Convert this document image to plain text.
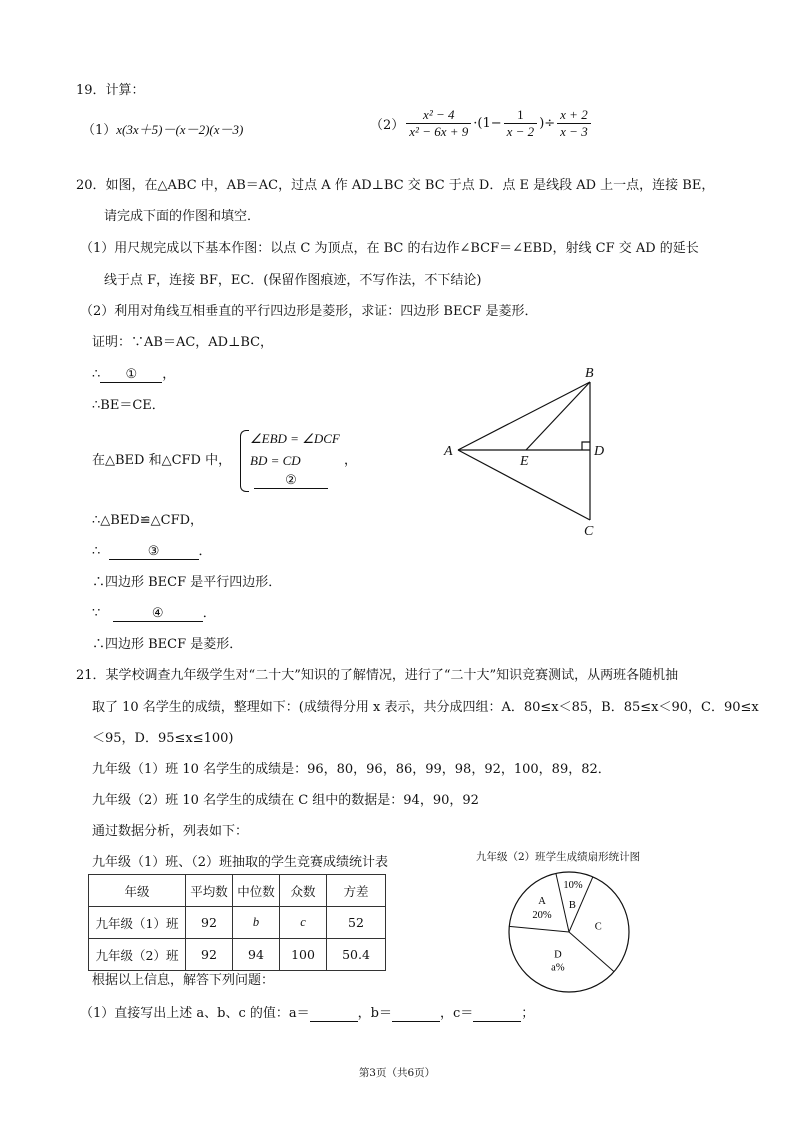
19．计算：
（1）x(3x＋5)－(x－2)(x－3)	$(2) \frac{\text{x² − 4}}{\text{x² − 6x + 9}} \cdot(1- \frac{1}{x - 2}$ )÷ $\frac{x + 2}{x - 3}$
20．如图，在△ABC 中，AB＝AC，过点 A 作 AD⊥BC 交 BC 于点 D．点 E 是线段 AD 上一点，连接 BE，
请完成下面的作图和填空．
（1）用尺规完成以下基本作图：以点 C 为顶点，在 BC 的右边作∠BCF＝∠EBD，射线 CF 交 AD 的延长
线于点 F，连接 BF，EC．(保留作图痕迹，不写作法，不下结论)
（2）利用对角线互相垂直的平行四边形是菱形，求证：四边形 BECF 是菱形．
证明：∵AB＝AC，AD⊥BC，
∴ ① ，
∴BE＝CE．
在△BED 和△CFD 中，
∠EBD = ∠DCF
BD = CD	，
②
∴△BED≌△CFD，
∴	③	．
∴四边形 BECF 是平行四边形．
∵	④	．
∴四边形 BECF 是菱形．
B
A	D
E
C
21．某学校调查九年级学生对“二十大”知识的了解情况，进行了“二十大”知识竞赛测试，从两班各随机抽
取了 10 名学生的成绩，整理如下：(成绩得分用 x 表示，共分成四组：A．80≤x＜85，B．85≤x＜90，C．90≤x
＜95，D．95≤x≤100)
九年级（1）班 10 名学生的成绩是：96，80，96，86，99，98，92，100，89，82．
九年级（2）班 10 名学生的成绩在 C 组中的数据是：94，90，92
通过数据分析，列表如下：
九年级（1）班、（2）班抽取的学生竞赛成绩统计表
年级	平均数	中位数	众数	方差
九年级（1）班	92	b	c	52
九年级（2）班	92	94	100	50.4
根据以上信息，解答下列问题：
（1）直接写出上述 a、b、c 的值：a＝	，b＝	，c＝	；
九年级（2）班学生成绩扇形统计图
10%
B
C
D
a%
A
20%
第3页（共6页）
